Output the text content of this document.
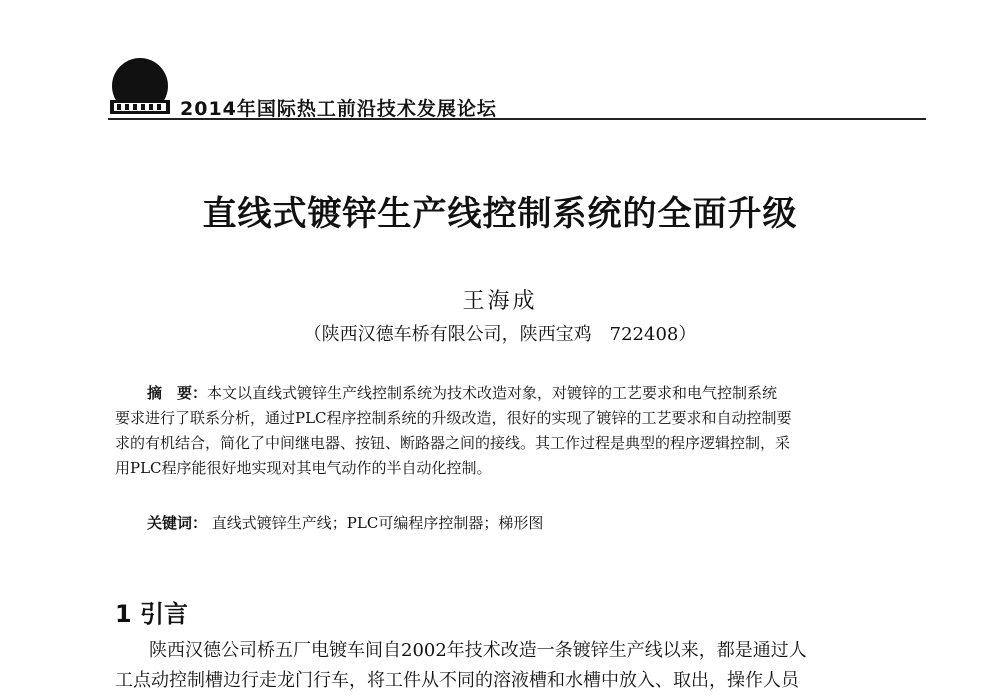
2014年国际热工前沿技术发展论坛
直线式镀锌生产线控制系统的全面升级
王海成
（陕西汉德车桥有限公司，陕西宝鸡　722408）
摘　要：本文以直线式镀锌生产线控制系统为技术改造对象，对镀锌的工艺要求和电气控制系统
要求进行了联系分析，通过PLC程序控制系统的升级改造，很好的实现了镀锌的工艺要求和自动控制要
求的有机结合，简化了中间继电器、按钮、断路器之间的接线。其工作过程是典型的程序逻辑控制，采
用PLC程序能很好地实现对其电气动作的半自动化控制。
关键词： 直线式镀锌生产线；PLC可编程序控制器；梯形图
1 引言
陕西汉德公司桥五厂电镀车间自2002年技术改造一条镀锌生产线以来，都是通过人
工点动控制槽边行走龙门行车，将工件从不同的溶液槽和水槽中放入、取出，操作人员
